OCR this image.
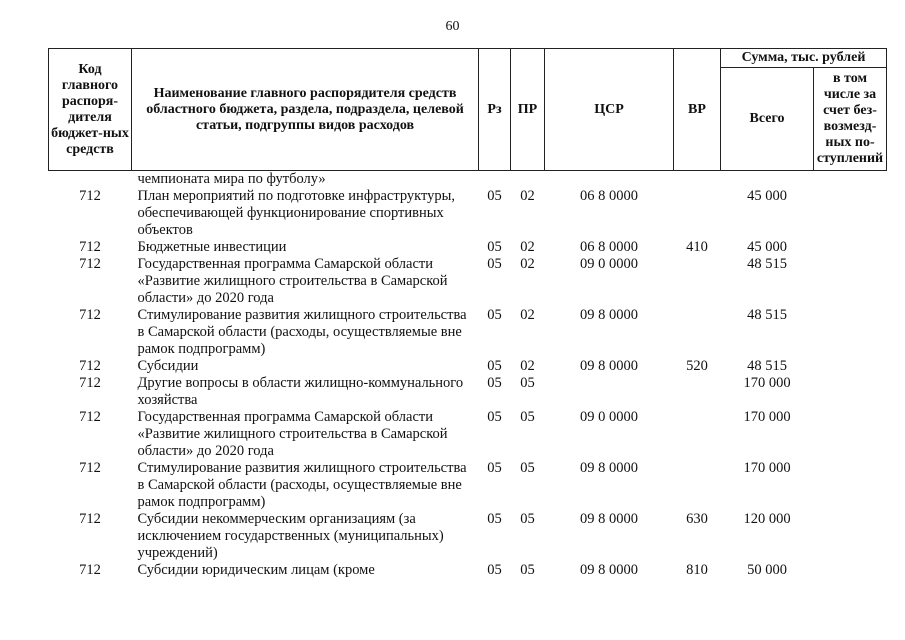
60
Код главного распоря-дителя бюджет-ных средств	Наименование главного распорядителя средств областного бюджета, раздела, подраздела, целевой статьи, подгруппы видов расходов	Рз	ПР	ЦСР	ВР	Сумма, тыс. рублей	
						Всего	в том числе за счет без-возмезд-ных по-ступлений
	чемпионата мира по футболу»						
712	План мероприятий по подготовке инфраструктуры, обеспечивающей функционирование спортивных объектов	05	02	06 8 0000		45 000	
712	Бюджетные инвестиции	05	02	06 8 0000	410	45 000	
712	Государственная программа Самарской области «Развитие жилищного строительства в Самарской области» до 2020 года	05	02	09 0 0000		48 515	
712	Стимулирование развития жилищного строительства в Самарской области (расходы, осуществляемые вне рамок подпрограмм)	05	02	09 8 0000		48 515	
712	Субсидии	05	02	09 8 0000	520	48 515	
712	Другие вопросы в области жилищно-коммунального хозяйства	05	05			170 000	
712	Государственная программа Самарской области «Развитие жилищного строительства в Самарской области» до 2020 года	05	05	09 0 0000		170 000	
712	Стимулирование развития жилищного строительства в Самарской области (расходы, осуществляемые вне рамок подпрограмм)	05	05	09 8 0000		170 000	
712	Субсидии некоммерческим организациям (за исключением государственных (муниципальных) учреждений)	05	05	09 8 0000	630	120 000	
712	Субсидии юридическим лицам (кроме	05	05	09 8 0000	810	50 000	
